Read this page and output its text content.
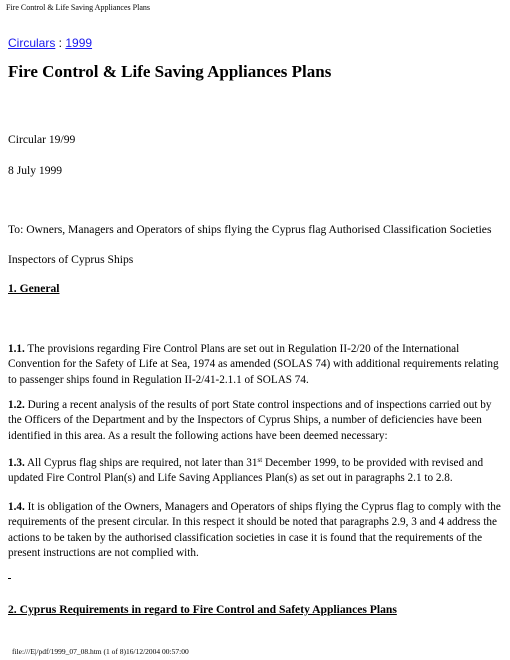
Fire Control & Life Saving Appliances Plans
Circulars : 1999
Fire Control & Life Saving Appliances Plans
Circular 19/99
8 July 1999
To: Owners, Managers and Operators of ships flying the Cyprus flag Authorised Classification Societies
Inspectors of Cyprus Ships
1. General
1.1. The provisions regarding Fire Control Plans are set out in Regulation II-2/20 of the International Convention for the Safety of Life at Sea, 1974 as amended (SOLAS 74) with additional requirements relating to passenger ships found in Regulation II-2/41-2.1.1 of SOLAS 74.
1.2. During a recent analysis of the results of port State control inspections and of inspections carried out by the Officers of the Department and by the Inspectors of Cyprus Ships, a number of deficiencies have been identified in this area. As a result the following actions have been deemed necessary:
1.3. All Cyprus flag ships are required, not later than 31st December 1999, to be provided with revised and updated Fire Control Plan(s) and Life Saving Appliances Plan(s) as set out in paragraphs 2.1 to 2.8.
1.4. It is obligation of the Owners, Managers and Operators of ships flying the Cyprus flag to comply with the requirements of the present circular. In this respect it should be noted that paragraphs 2.9, 3 and 4 address the actions to be taken by the authorised classification societies in case it is found that the requirements of the present instructions are not complied with.
2. Cyprus Requirements in regard to Fire Control and Safety Appliances Plans
file:///E|/pdf/1999_07_08.htm (1 of 8)16/12/2004 00:57:00
